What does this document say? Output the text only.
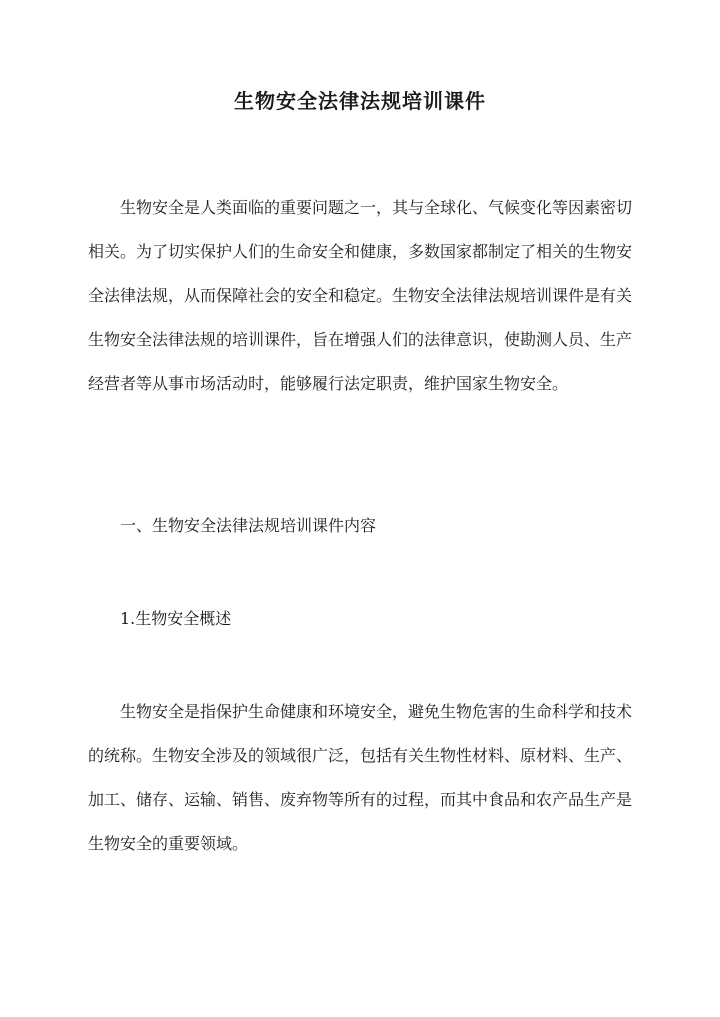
生物安全法律法规培训课件

生物安全是人类面临的重要问题之一，其与全球化、气候变化等因素密切相关。为了切实保护人们的生命安全和健康，多数国家都制定了相关的生物安全法律法规，从而保障社会的安全和稳定。生物安全法律法规培训课件是有关生物安全法律法规的培训课件，旨在增强人们的法律意识，使勘测人员、生产经营者等从事市场活动时，能够履行法定职责，维护国家生物安全。

一、生物安全法律法规培训课件内容

1.生物安全概述

生物安全是指保护生命健康和环境安全，避免生物危害的生命科学和技术的统称。生物安全涉及的领域很广泛，包括有关生物性材料、原材料、生产、加工、储存、运输、销售、废弃物等所有的过程，而其中食品和农产品生产是生物安全的重要领域。
